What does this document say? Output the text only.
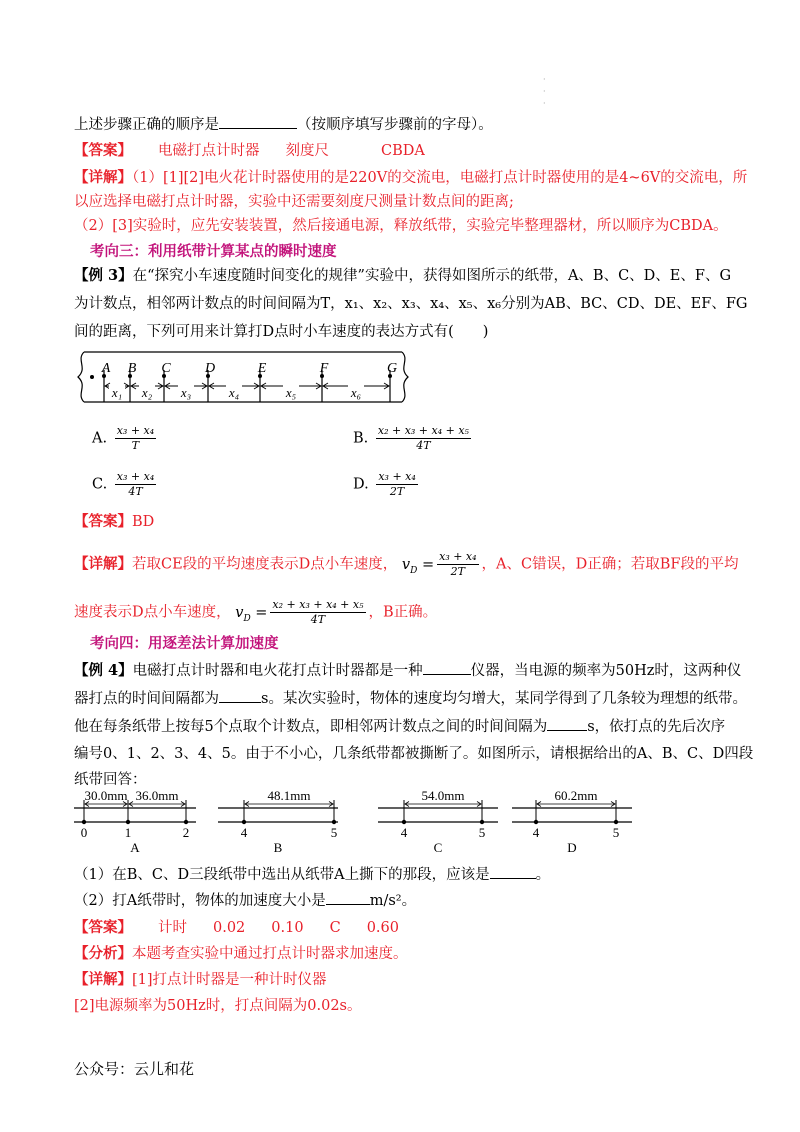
·
·
·
上述步骤正确的顺序是	（按顺序填写步骤前的字母）。
【答案】 电磁打点计时器 刻度尺	CBDA
【详解】（1）[1][2]电火花计时器使用的是220V的交流电，电磁打点计时器使用的是4~6V的交流电，所
以应选择电磁打点计时器，实验中还需要刻度尺测量计数点间的距离;
（2）[3]实验时，应先安装装置，然后接通电源，释放纸带，实验完毕整理器材，所以顺序为CBDA。
考向三：利用纸带计算某点的瞬时速度
【例 3】在“探究小车速度随时间变化的规律”实验中，获得如图所示的纸带，A、B、C、D、E、F、G
为计数点，相邻两计数点的时间间隔为T，x₁、x₂、x₃、x₄、x₅、x₆分别为AB、BC、CD、DE、EF、FG
间的距离，下列可用来计算打D点时小车速度的表达方式有(　　)
A B C D	E	F	G
x₁ x₂ x₃	x₄	x₅	x₆
A. $\frac{\text{x₃ + x₄}}{T}$	B. $\frac{\text{x₂ + x₃ + x₄ + x₅}}{4T}$
C. $\frac{\text{x₃ + x₄}}{4T}$	D. $\frac{\text{x₃ + x₄}}{2T}$
【答案】BD
【详解】若取CE段的平均速度表示D点小车速度， $v_D = \frac{\text{x₃ + x₄}}{2T}$ ，A、C错误，D正确；若取BF段的平均
速度表示D点小车速度， $v_D = \frac{\text{x₂ + x₃ + x₄ + x₅}}{4T}$ ，B正确。
考向四：用逐差法计算加速度
【例 4】电磁打点计时器和电火花打点计时器都是一种	仪器，当电源的频率为50Hz时，这两种仪
器打点的时间间隔都为	s。某次实验时，物体的速度均匀增大，某同学得到了几条较为理想的纸带。
他在每条纸带上按每5个点取个计数点，即相邻两计数点之间的时间间隔为	s，依打点的先后次序
编号0、1、2、3、4、5。由于不小心，几条纸带都被撕断了。如图所示，请根据给出的A、B、C、D四段
纸带回答：
0	1	2
30.0mm 36.0mm
A
4	5
48.1mm
B
4	5
54.0mm
C
4	5
60.2mm
D
（1）在B、C、D三段纸带中选出从纸带A上撕下的那段，应该是	。
（2）打A纸带时，物体的加速度大小是	m/s²。
【答案】 计时 0.02 0.10 C 0.60
【分析】本题考查实验中通过打点计时器求加速度。
【详解】[1]打点计时器是一种计时仪器
[2]电源频率为50Hz时，打点间隔为0.02s。
公众号：云儿和花
